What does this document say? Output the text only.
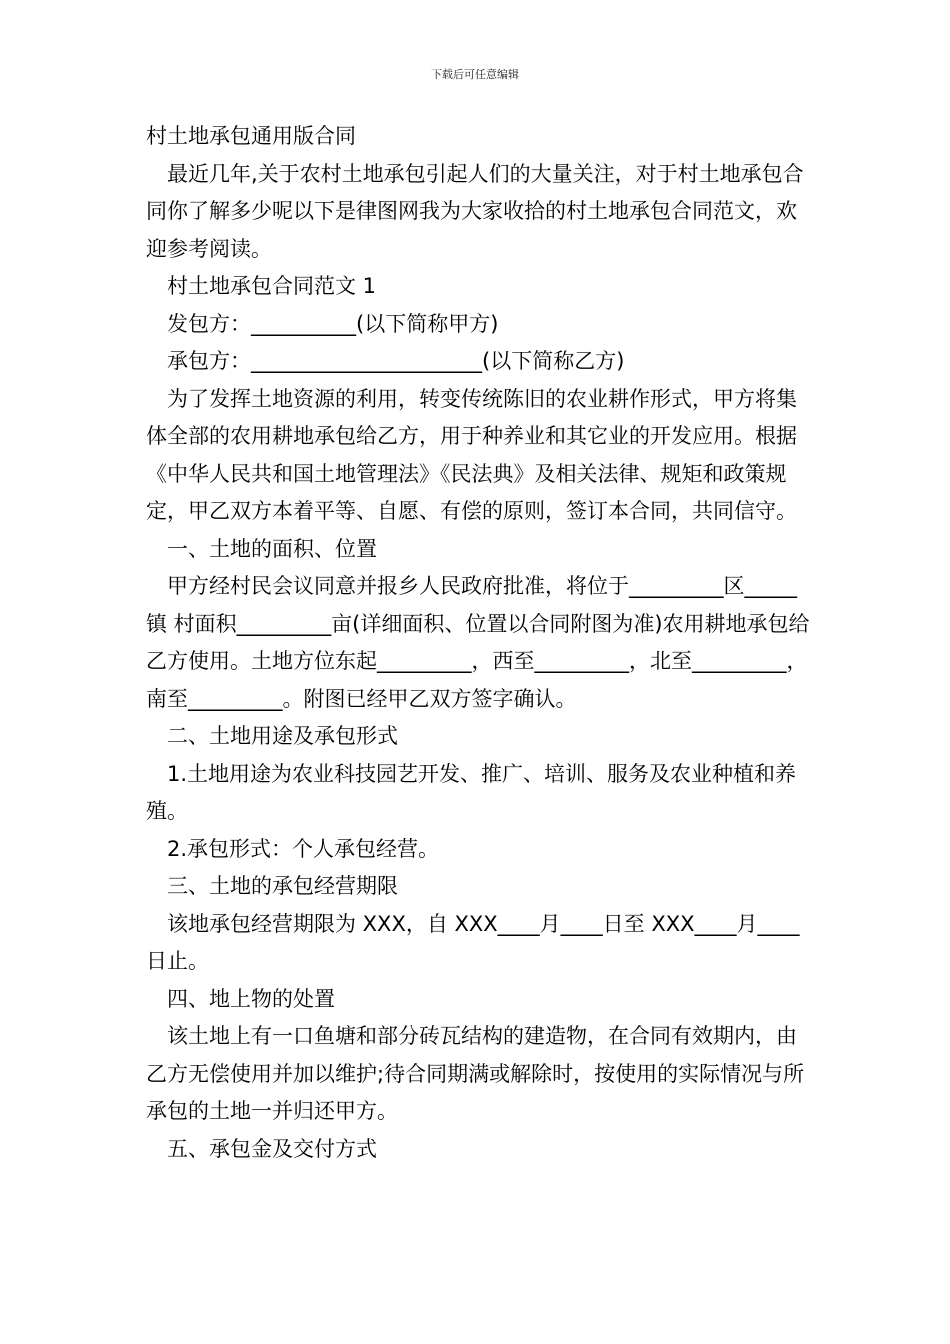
下载后可任意编辑

村土地承包通用版合同

最近几年,关于农村土地承包引起人们的大量关注，对于村土地承包合同你了解多少呢以下是律图网我为大家收拾的村土地承包合同范文，欢迎参考阅读。

村土地承包合同范文 1

发包方：__________(以下简称甲方)

承包方：______________________(以下简称乙方)

为了发挥土地资源的利用，转变传统陈旧的农业耕作形式，甲方将集体全部的农用耕地承包给乙方，用于种养业和其它业的开发应用。根据《中华人民共和国土地管理法》《民法典》及相关法律、规矩和政策规定，甲乙双方本着平等、自愿、有偿的原则，签订本合同，共同信守。

一、土地的面积、位置

甲方经村民会议同意并报乡人民政府批准，将位于_________区_____镇 村面积_________亩(详细面积、位置以合同附图为准)农用耕地承包给乙方使用。土地方位东起_________，西至_________，北至_________，南至_________。附图已经甲乙双方签字确认。

二、土地用途及承包形式

1.土地用途为农业科技园艺开发、推广、培训、服务及农业种植和养殖。

2.承包形式：个人承包经营。

三、土地的承包经营期限

该地承包经营期限为 XXX，自 XXX____月____日至 XXX____月____日止。

四、地上物的处置

该土地上有一口鱼塘和部分砖瓦结构的建造物，在合同有效期内，由乙方无偿使用并加以维护;待合同期满或解除时，按使用的实际情况与所承包的土地一并归还甲方。

五、承包金及交付方式
